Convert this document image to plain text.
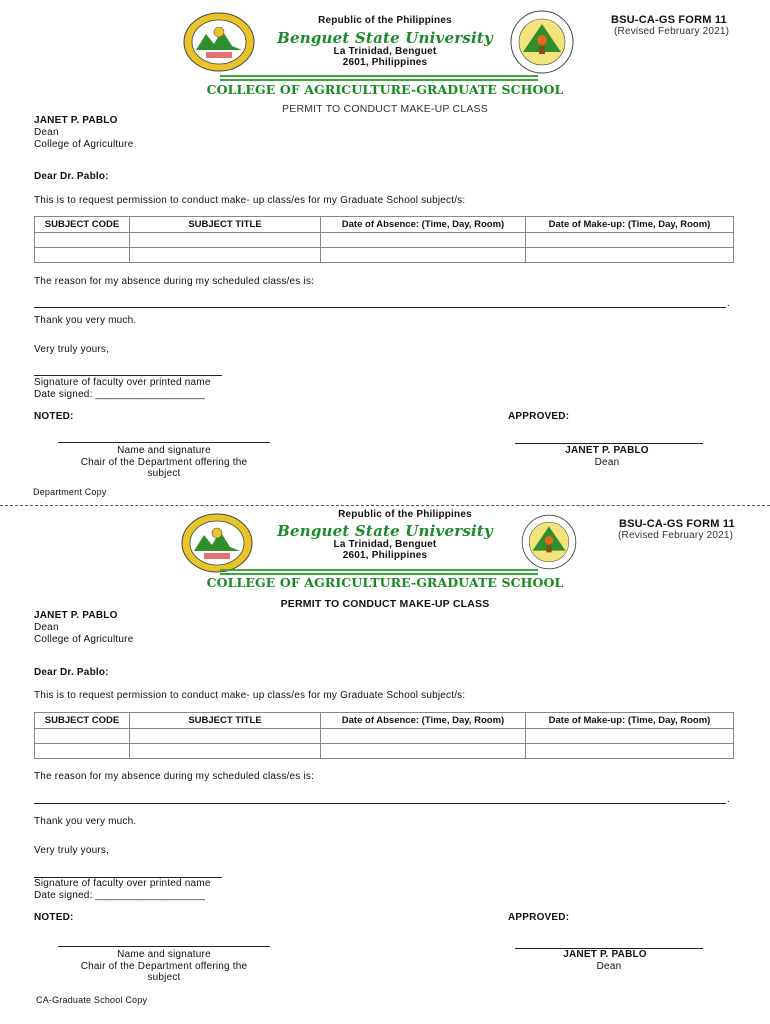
Republic of the Philippines
Benguet State University
La Trinidad, Benguet
2601, Philippines
BSU-CA-GS FORM 11
(Revised February 2021)
COLLEGE OF AGRICULTURE-GRADUATE SCHOOL
PERMIT TO CONDUCT MAKE-UP CLASS
JANET P. PABLO
Dean
College of Agriculture
Dear Dr. Pablo:
This is to request permission to conduct make- up class/es for my Graduate School subject/s:
SUBJECT CODE	SUBJECT TITLE	Date of Absence: (Time, Day, Room)	Date of Make-up: (Time, Day, Room)

The reason for my absence during my scheduled class/es is:
.
Thank you very much.
Very truly yours,
Signature of faculty over printed name
Date signed: ___________________
NOTED:	APPROVED:
Name and signature
Chair of the Department offering the
subject
JANET P. PABLO
Dean
Department Copy
Republic of the Philippines
Benguet State University
La Trinidad, Benguet
2601, Philippines
BSU-CA-GS FORM 11
(Revised February 2021)
COLLEGE OF AGRICULTURE-GRADUATE SCHOOL
PERMIT TO CONDUCT MAKE-UP CLASS
JANET P. PABLO
Dean
College of Agriculture
Dear Dr. Pablo:
This is to request permission to conduct make- up class/es for my Graduate School subject/s:
SUBJECT CODE	SUBJECT TITLE	Date of Absence: (Time, Day, Room)	Date of Make-up: (Time, Day, Room)

The reason for my absence during my scheduled class/es is:
.
Thank you very much.
Very truly yours,
Signature of faculty over printed name
Date signed: ___________________
NOTED:	APPROVED:
Name and signature
Chair of the Department offering the
subject
JANET P. PABLO
Dean
CA-Graduate School Copy
